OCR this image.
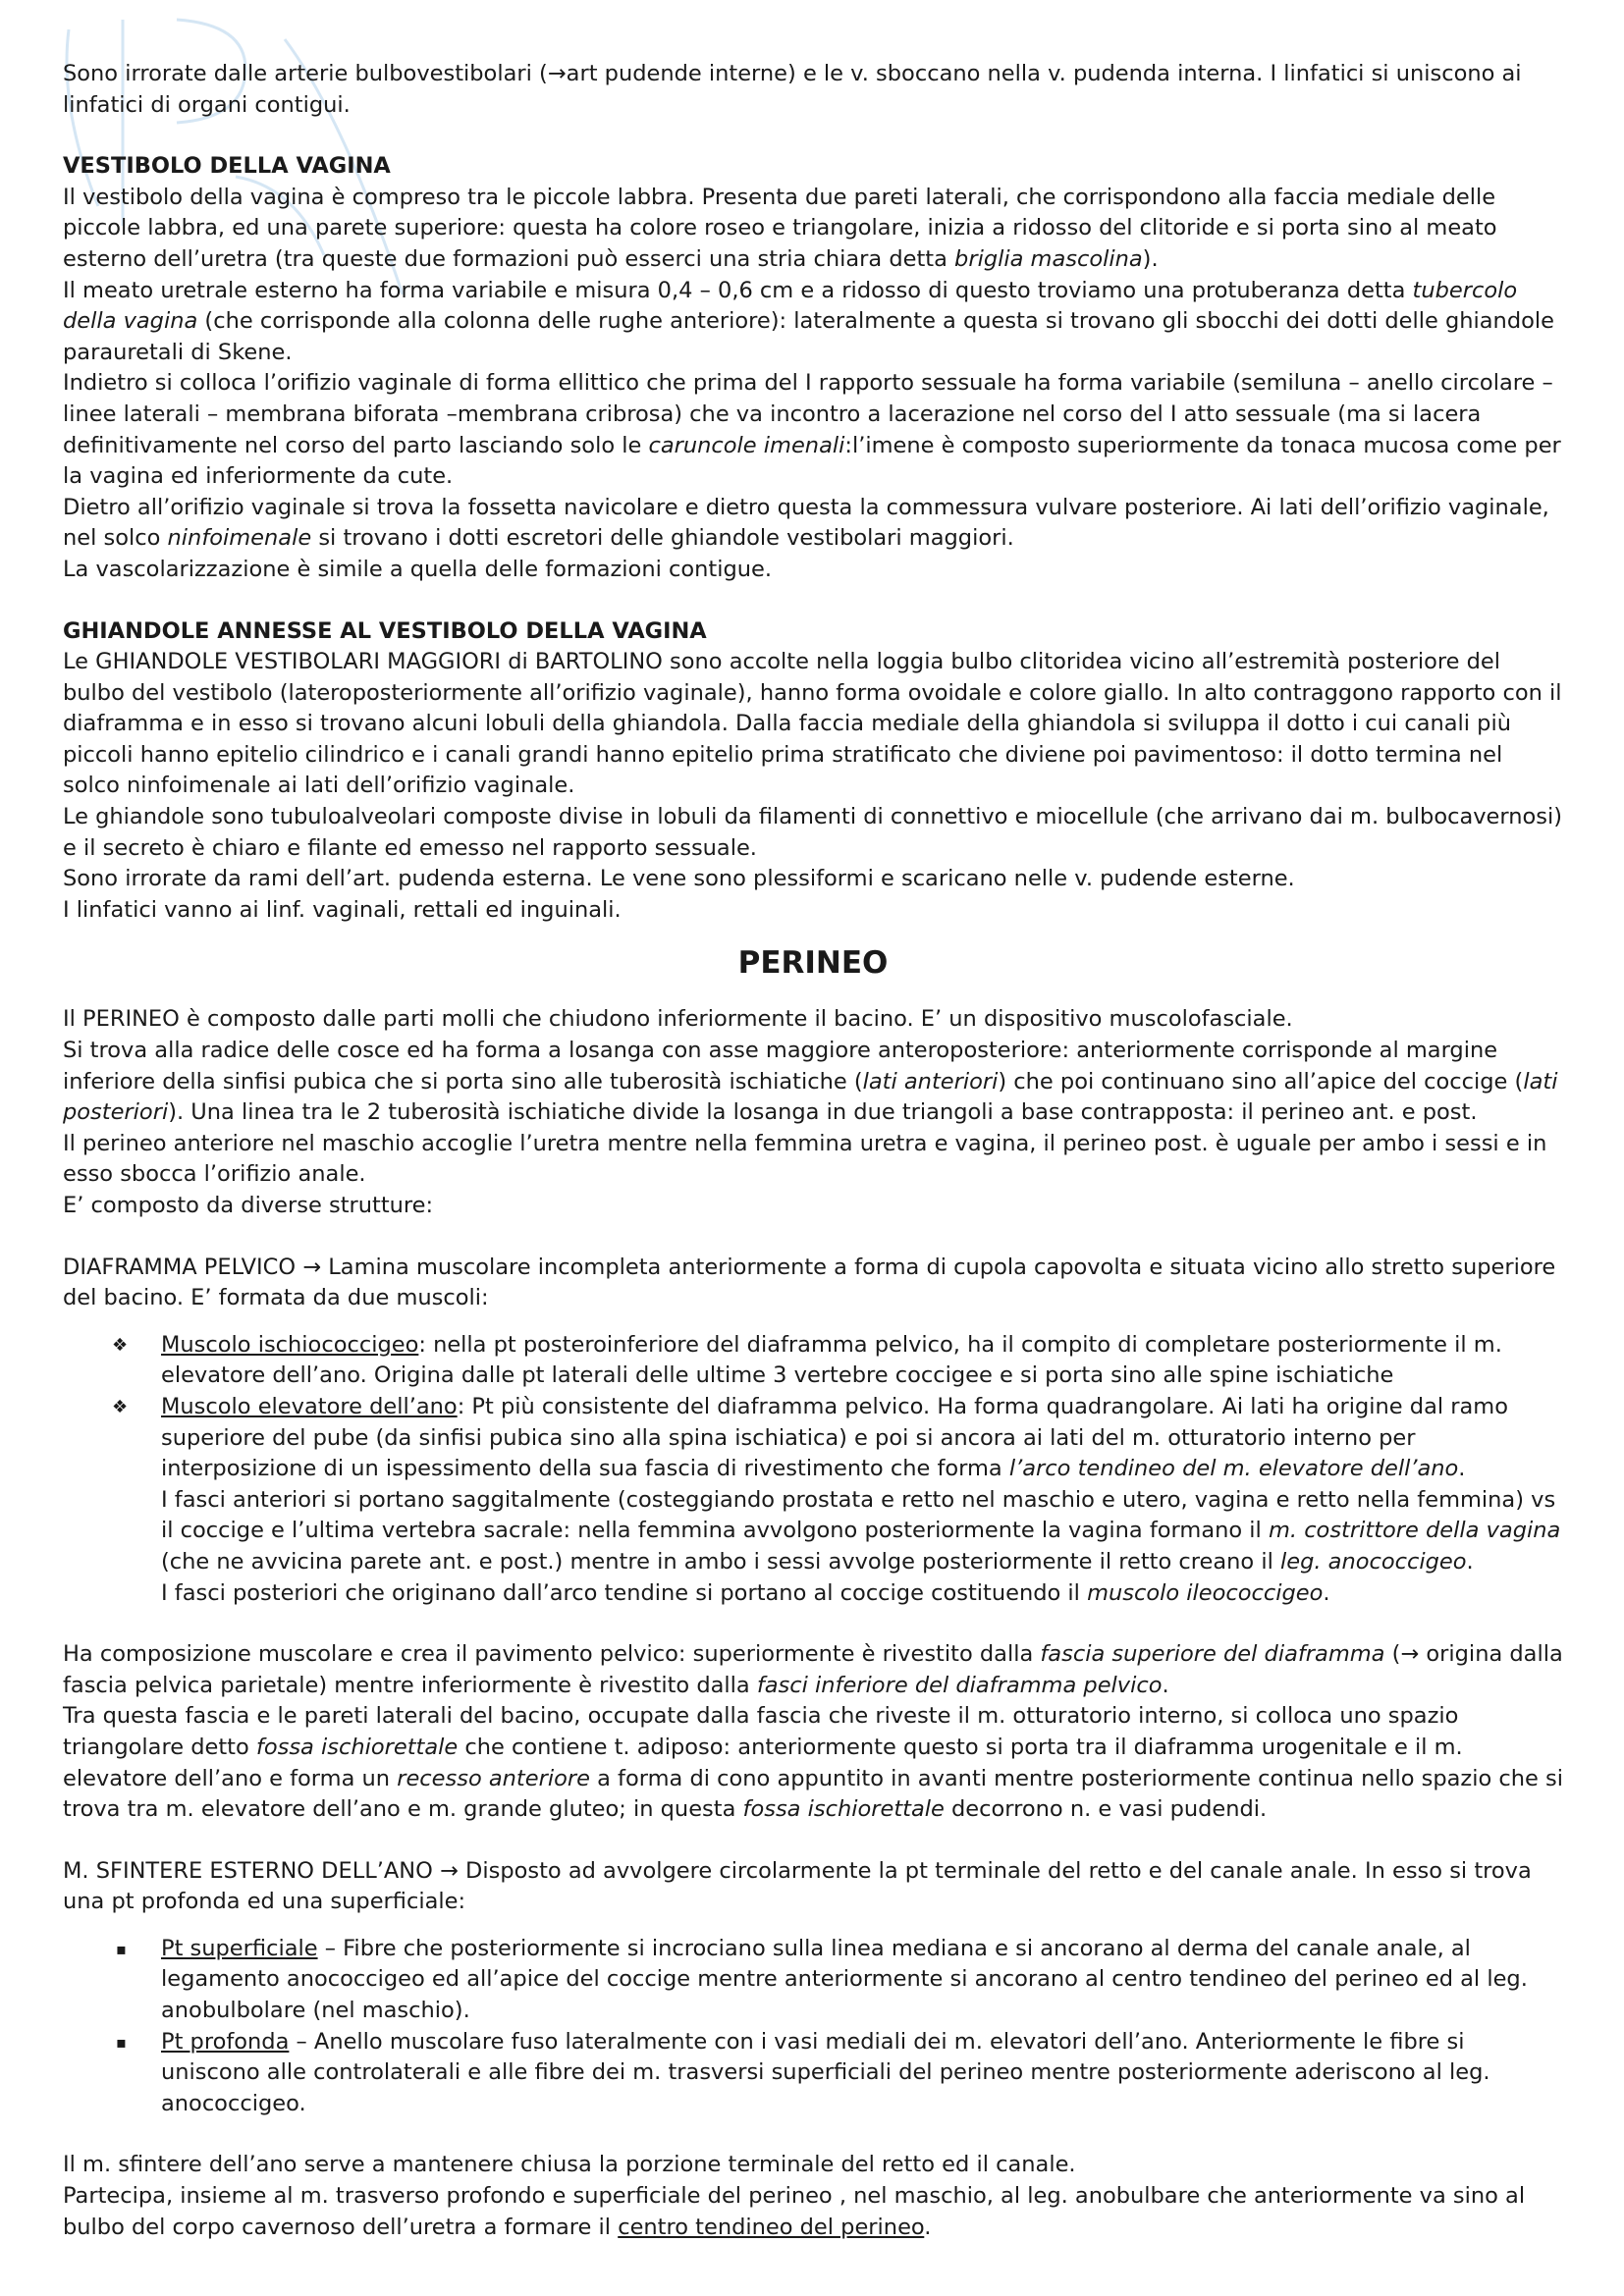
Sono irrorate dalle arterie bulbovestibolari (→art pudende interne) e le v. sboccano nella v. pudenda interna. I linfatici si uniscono ai linfatici di organi contigui.

VESTIBOLO DELLA VAGINA

Il vestibolo della vagina è compreso tra le piccole labbra. Presenta due pareti laterali, che corrispondono alla faccia mediale delle piccole labbra, ed una parete superiore: questa ha colore roseo e triangolare, inizia a ridosso del clitoride e si porta sino al meato esterno dell’uretra (tra queste due formazioni può esserci una stria chiara detta briglia mascolina).

Il meato uretrale esterno ha forma variabile e misura 0,4 – 0,6 cm e a ridosso di questo troviamo una protuberanza detta tubercolo della vagina (che corrisponde alla colonna delle rughe anteriore): lateralmente a questa si trovano gli sbocchi dei dotti delle ghiandole parauretali di Skene.

Indietro si colloca l’orifizio vaginale di forma ellittico che prima del I rapporto sessuale ha forma variabile (semiluna – anello circolare – linee laterali – membrana biforata –membrana cribrosa) che va incontro a lacerazione nel corso del I atto sessuale (ma si lacera definitivamente nel corso del parto lasciando solo le caruncole imenali:l’imene è composto superiormente da tonaca mucosa come per la vagina ed inferiormente da cute.

Dietro all’orifizio vaginale si trova la fossetta navicolare e dietro questa la commessura vulvare posteriore. Ai lati dell’orifizio vaginale, nel solco ninfoimenale si trovano i dotti escretori delle ghiandole vestibolari maggiori.

La vascolarizzazione è simile a quella delle formazioni contigue.

GHIANDOLE ANNESSE AL VESTIBOLO DELLA VAGINA

Le GHIANDOLE VESTIBOLARI MAGGIORI di BARTOLINO sono accolte nella loggia bulbo clitoridea vicino all’estremità posteriore del bulbo del vestibolo (lateroposteriormente all’orifizio vaginale), hanno forma ovoidale e colore giallo. In alto contraggono rapporto con il diaframma e in esso si trovano alcuni lobuli della ghiandola. Dalla faccia mediale della ghiandola si sviluppa il dotto i cui canali più piccoli hanno epitelio cilindrico e i canali grandi hanno epitelio prima stratificato che diviene poi pavimentoso: il dotto termina nel solco ninfoimenale ai lati dell’orifizio vaginale.

Le ghiandole sono tubuloalveolari composte divise in lobuli da filamenti di connettivo e miocellule (che arrivano dai m. bulbocavernosi) e il secreto è chiaro e filante ed emesso nel rapporto sessuale.

Sono irrorate da rami dell’art. pudenda esterna. Le vene sono plessiformi e scaricano nelle v. pudende esterne.

I linfatici vanno ai linf. vaginali, rettali ed inguinali.

PERINEO

Il PERINEO è composto dalle parti molli che chiudono inferiormente il bacino. E’ un dispositivo muscolofasciale.

Si trova alla radice delle cosce ed ha forma a losanga con asse maggiore anteroposteriore: anteriormente corrisponde al margine inferiore della sinfisi pubica che si porta sino alle tuberosità ischiatiche (lati anteriori) che poi continuano sino all’apice del coccige (lati posteriori). Una linea tra le 2 tuberosità ischiatiche divide la losanga in due triangoli a base contrapposta: il perineo ant. e post.

Il perineo anteriore nel maschio accoglie l’uretra mentre nella femmina uretra e vagina, il perineo post. è uguale per ambo i sessi e in esso sbocca l’orifizio anale.

E’ composto da diverse strutture:

DIAFRAMMA PELVICO → Lamina muscolare incompleta anteriormente a forma di cupola capovolta e situata vicino allo stretto superiore del bacino. E’ formata da due muscoli:

❖ Muscolo ischiococcigeo: nella pt posteroinferiore del diaframma pelvico, ha il compito di completare posteriormente il m. elevatore dell’ano. Origina dalle pt laterali delle ultime 3 vertebre coccigee e si porta sino alle spine ischiatiche
❖ Muscolo elevatore dell’ano: Pt più consistente del diaframma pelvico. Ha forma quadrangolare. Ai lati ha origine dal ramo superiore del pube (da sinfisi pubica sino alla spina ischiatica) e poi si ancora ai lati del m. otturatorio interno per interposizione di un ispessimento della sua fascia di rivestimento che forma l’arco tendineo del m. elevatore dell’ano.
I fasci anteriori si portano saggitalmente (costeggiando prostata e retto nel maschio e utero, vagina e retto nella femmina) vs il coccige e l’ultima vertebra sacrale: nella femmina avvolgono posteriormente la vagina formano il m. costrittore della vagina (che ne avvicina parete ant. e post.) mentre in ambo i sessi avvolge posteriormente il retto creano il leg. anococcigeo.
I fasci posteriori che originano dall’arco tendine si portano al coccige costituendo il muscolo ileococcigeo.

Ha composizione muscolare e crea il pavimento pelvico: superiormente è rivestito dalla fascia superiore del diaframma (→ origina dalla fascia pelvica parietale) mentre inferiormente è rivestito dalla fasci inferiore del diaframma pelvico.

Tra questa fascia e le pareti laterali del bacino, occupate dalla fascia che riveste il m. otturatorio interno, si colloca uno spazio triangolare detto fossa ischiorettale che contiene t. adiposo: anteriormente questo si porta tra il diaframma urogenitale e il m. elevatore dell’ano e forma un recesso anteriore a forma di cono appuntito in avanti mentre posteriormente continua nello spazio che si trova tra m. elevatore dell’ano e m. grande gluteo; in questa fossa ischiorettale decorrono n. e vasi pudendi.

M. SFINTERE ESTERNO DELL’ANO → Disposto ad avvolgere circolarmente la pt terminale del retto e del canale anale. In esso si trova una pt profonda ed una superficiale:

▪ Pt superficiale – Fibre che posteriormente si incrociano sulla linea mediana e si ancorano al derma del canale anale, al legamento anococcigeo ed all’apice del coccige mentre anteriormente si ancorano al centro tendineo del perineo ed al leg. anobulbolare (nel maschio).
▪ Pt profonda – Anello muscolare fuso lateralmente con i vasi mediali dei m. elevatori dell’ano. Anteriormente le fibre si uniscono alle controlaterali e alle fibre dei m. trasversi superficiali del perineo mentre posteriormente aderiscono al leg. anococcigeo.

Il m. sfintere dell’ano serve a mantenere chiusa la porzione terminale del retto ed il canale.

Partecipa, insieme al m. trasverso profondo e superficiale del perineo , nel maschio, al leg. anobulbare che anteriormente va sino al bulbo del corpo cavernoso dell’uretra a formare il centro tendineo del perineo.
